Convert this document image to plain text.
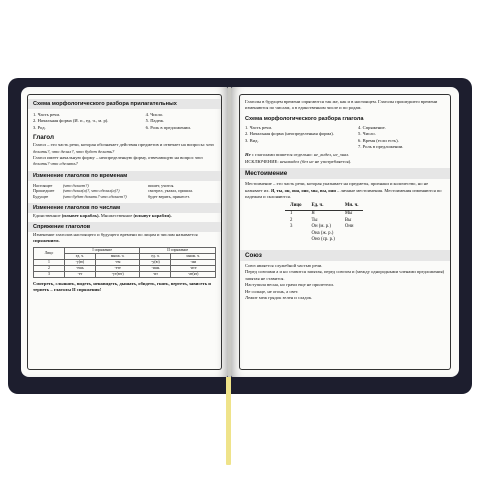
Схема морфологического разбора прилагательных
1. Часть речи.
2. Начальная форма (И. п., ед. ч., м. р).
3. Род.
4. Число.
5. Падеж.
6. Роль в предложении.
Глагол
Глагол – это часть речи, которая обозначает действия предметов и отвечает на вопросы: что делать?, что делал?, что будет делать?
Глагол имеет начальную форму – неопределенную форму, отвечающую на вопрос что делать? что сделать?
Изменение глаголов по временам
Настоящее	(что делает?)	пишет, учится.
Прошедшее	(что делал(а)?, что сделал(а)?)	смотрел, указал, пришла.
Будущее	(что будет делать? что сделает?)	будет верить, принесет.
Изменение глаголов по числам
Единственное (плывет корабль). Множественное (плывут корабли).
Спряжение глаголов
Изменение глаголов настоящего и будущего времени по лицам и числам называется спряжением.
Лицо	I спряжение		II спряжение	
	ед. ч.	множ. ч.	ед. ч.	множ. ч.
1	-у(ю)	-ем	-у(ю)	-им
2	-ешь	-ете	-ишь	-ите
3	-ет	-ут(ют)	-ит	-ат(ят)
Смотреть, слышать, видеть, ненавидеть, дышать, обидеть, гнать, вертеть, зависеть и терпеть – глаголы II спряжения!
Глаголы в будущем времени спрягаются так же, как и в настоящем. Глаголы прошедшего времени изменяются по числам, а в единственном числе и по родам.
Схема морфологического разбора глагола
1. Часть речи.
2. Начальная форма (неопределенная форма).
3. Вид.
4. Спряжение.
5. Число.
6. Время (если есть).
7. Роль в предложении.
Не с глаголами пишется отдельно: не_видел, не_знал.
ИСКЛЮЧЕНИЕ: ненавидел (без не не употребляется).
Местоимение
Местоимение – это часть речи, которая указывает на предметы, признаки и количество, но не называет их. Я, ты, он, она, оно, мы, вы, они – личные местоимения. Местоимения изменяются по падежам и склоняются.
Лицо	Ед. ч.	Мн. ч.
1	Я	Мы
2	Ты	Вы
3	Он (м. р.)	Они
	Она (ж. р.)	
	Оно (ср. р.)	
Союз
Союз является служебной частью речи.
Перед союзами а и но ставится запятая, перед союзом и (между однородными членами предложения) запятая не ставится.
Наступила весна, но грачи еще не прилетели.
Не солнце, не огонь, а свет.
Лежит меж грядок зелен и сладок.
